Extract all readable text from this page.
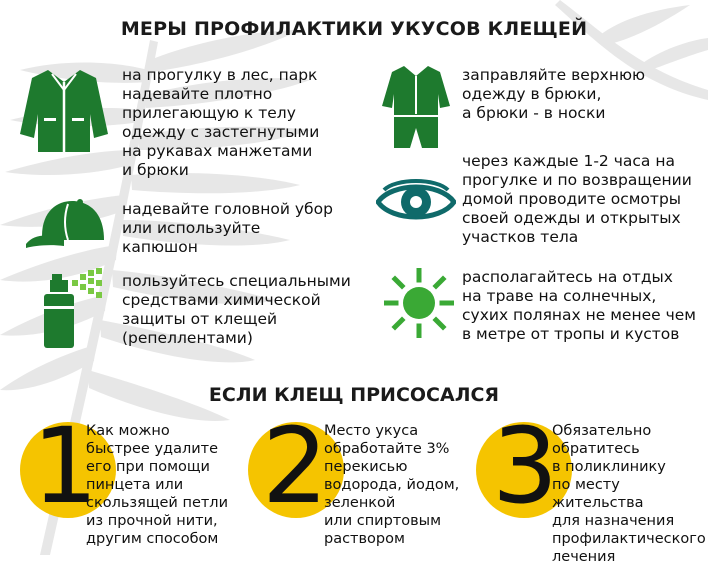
МЕРЫ ПРОФИЛАКТИКИ УКУСОВ КЛЕЩЕЙ
на прогулку в лес, парк
надевайте плотно
прилегающую к телу
одежду с застегнутыми
на рукавах манжетами
и брюки
надевайте головной убор
или используйте
капюшон
пользуйтесь специальными
средствами химической
защиты от клещей
(репеллентами)
заправляйте верхнюю
одежду в брюки,
а брюки - в носки
через каждые 1-2 часа на
прогулке и по возвращении
домой проводите осмотры
своей одежды и открытых
участков тела
располагайтесь на отдых
на траве на солнечных,
сухих полянах не менее чем
в метре от тропы и кустов
ЕСЛИ КЛЕЩ ПРИСОСАЛСЯ
1
Как можно
быстрее удалите
его при помощи
пинцета или
скользящей петли
из прочной нити,
другим способом
2
Место укуса
обработайте 3%
перекисью
водорода, йодом,
зеленкой
или спиртовым
раствором
3
Обязательно
обратитесь
в поликлинику
по месту жительства
для назначения
профилактического
лечения
